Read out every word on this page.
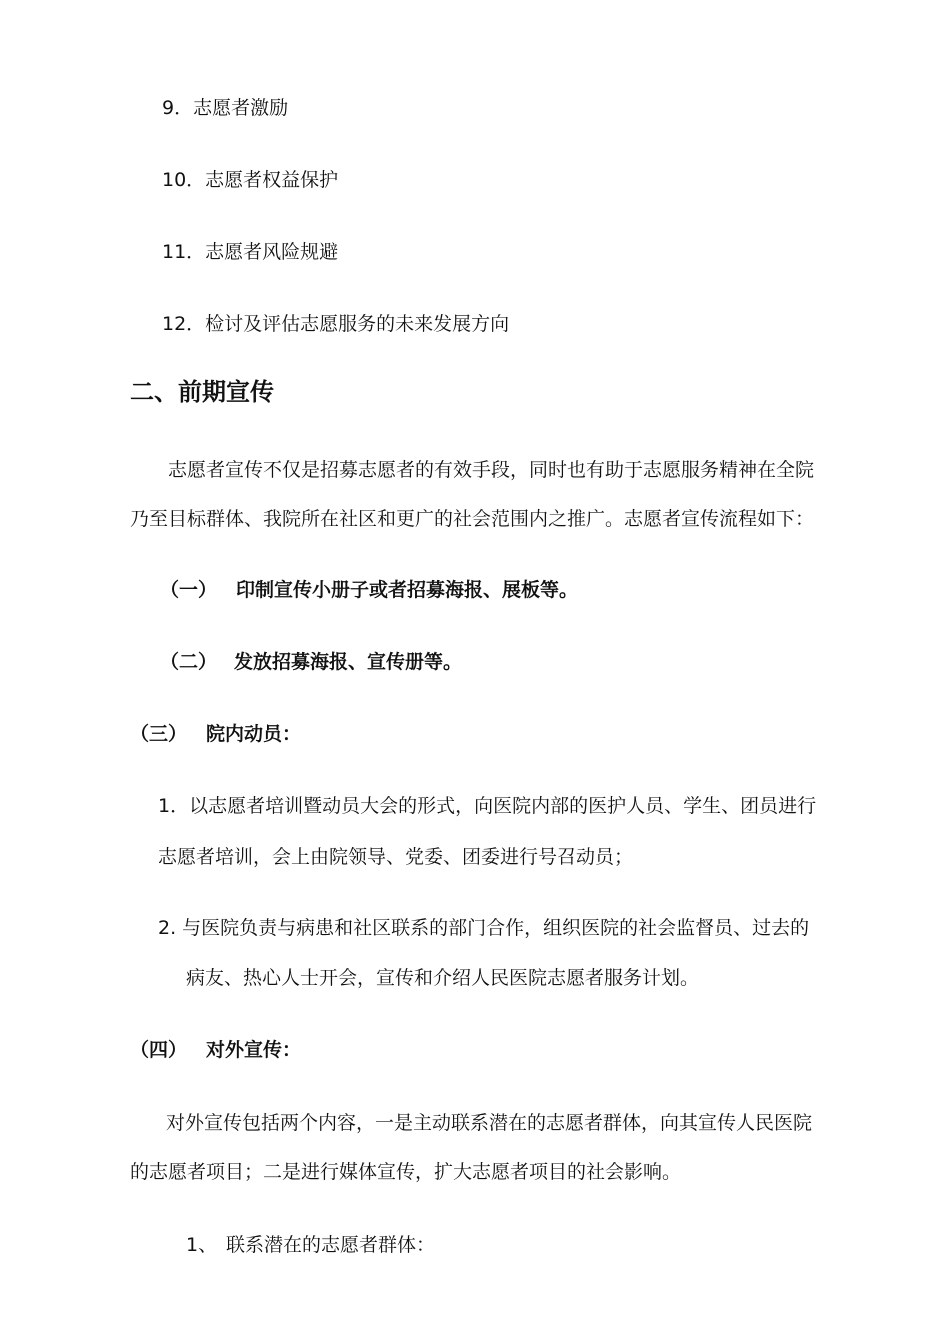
9．志愿者激励
10．志愿者权益保护
11．志愿者风险规避
12．检讨及评估志愿服务的未来发展方向
二、前期宣传
志愿者宣传不仅是招募志愿者的有效手段，同时也有助于志愿服务精神在全院
乃至目标群体、我院所在社区和更广的社会范围内之推广。志愿者宣传流程如下：
（一） 印制宣传小册子或者招募海报、展板等。
（二） 发放招募海报、宣传册等。
（三） 院内动员：
1．以志愿者培训暨动员大会的形式，向医院内部的医护人员、学生、团员进行
志愿者培训，会上由院领导、党委、团委进行号召动员；
2. 与医院负责与病患和社区联系的部门合作，组织医院的社会监督员、过去的
病友、热心人士开会，宣传和介绍人民医院志愿者服务计划。
（四） 对外宣传：
对外宣传包括两个内容，一是主动联系潜在的志愿者群体，向其宣传人民医院
的志愿者项目；二是进行媒体宣传，扩大志愿者项目的社会影响。
1、 联系潜在的志愿者群体：
